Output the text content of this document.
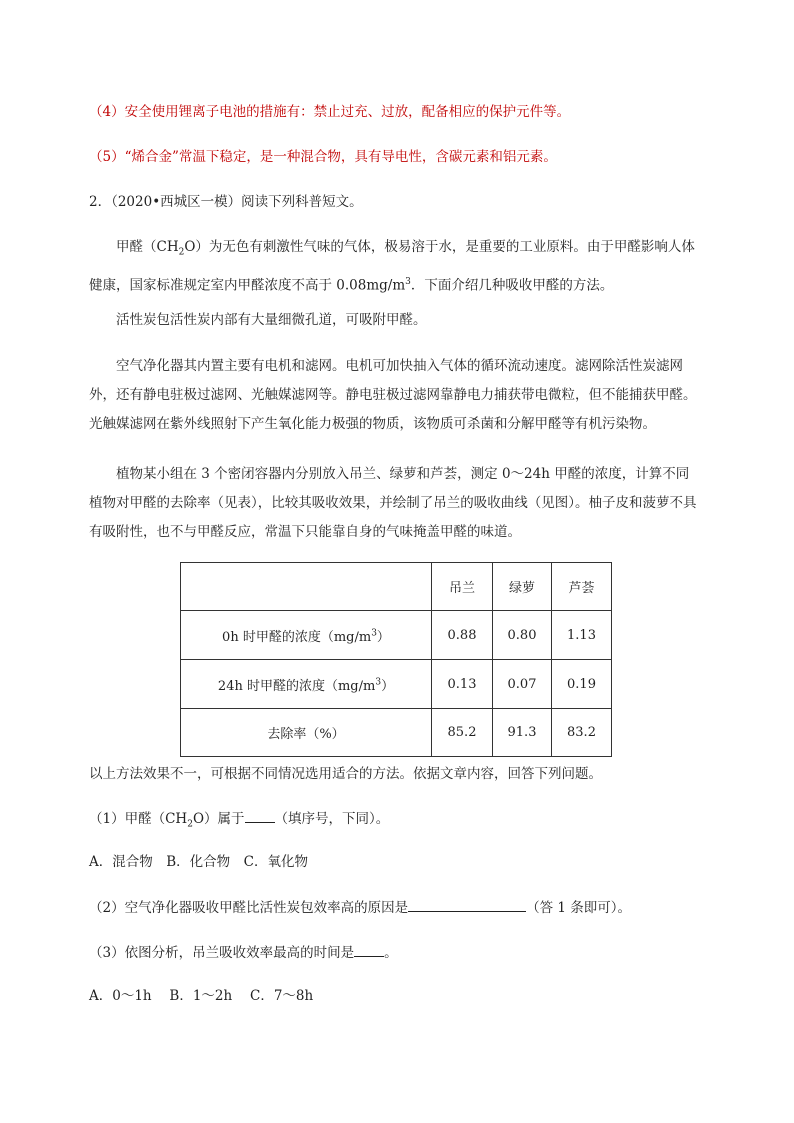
（4）安全使用锂离子电池的措施有：禁止过充、过放，配备相应的保护元件等。
（5）“烯合金”常温下稳定，是一种混合物，具有导电性，含碳元素和铝元素。
2．（2020•西城区一模）阅读下列科普短文。
甲醛$(CH_2O)$为无色有刺激性气味的气体，极易溶于水，是重要的工业原料。由于甲醛影响人体健康，国家标准规定室内甲醛浓度不高于 $0.08mg/m^3$．下面介绍几种吸收甲醛的方法。
活性炭包活性炭内部有大量细微孔道，可吸附甲醛。
空气净化器其内置主要有电机和滤网。电机可加快抽入气体的循环流动速度。滤网除活性炭滤网外，还有静电驻极过滤网、光触媒滤网等。静电驻极过滤网靠静电力捕获带电微粒，但不能捕获甲醛。光触媒滤网在紫外线照射下产生氧化能力极强的物质，该物质可杀菌和分解甲醛等有机污染物。
植物某小组在 3 个密闭容器内分别放入吊兰、绿萝和芦荟，测定 0～24h 甲醛的浓度，计算不同植物对甲醛的去除率（见表），比较其吸收效果，并绘制了吊兰的吸收曲线（见图）。柚子皮和菠萝不具有吸附性，也不与甲醛反应，常温下只能靠自身的气味掩盖甲醛的味道。
	吊兰	绿萝	芦荟
0h 时甲醛的浓度$(mg/m^3)$	0.88	0.80	1.13
24h 时甲醛的浓度$(mg/m^3)$	0.13	0.07	0.19
去除率（%）	85.2	91.3	83.2
以上方法效果不一，可根据不同情况选用适合的方法。依据文章内容，回答下列问题。
（1）甲醛$(CH_2O)$属于 （填序号，下同）。
A．混合物　B．化合物　C．氧化物
（2）空气净化器吸收甲醛比活性炭包效率高的原因是	（答 1 条即可）。
（3）依图分析，吊兰吸收效率最高的时间是 。
A．0～1h　 B．1～2h　 C．7～8h
